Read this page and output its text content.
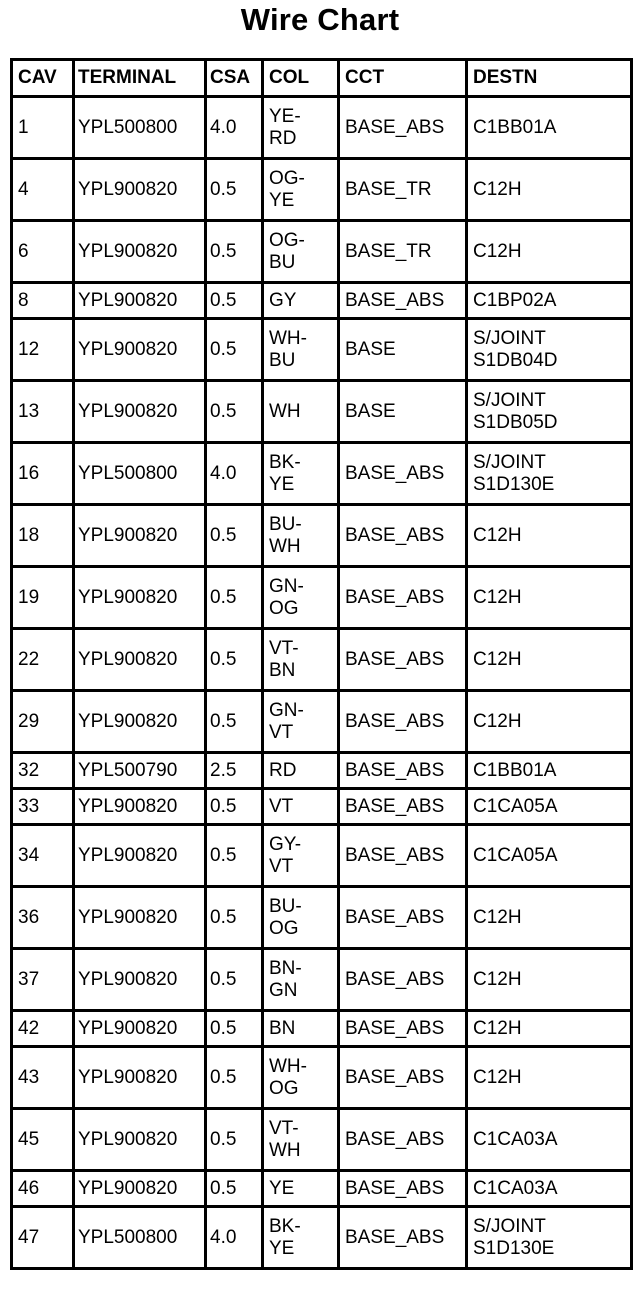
Wire Chart
CAV	TERMINAL	CSA	COL	CCT	DESTN

1	YPL500800	4.0	YE-
RD	BASE_ABS	C1BB01A

4	YPL900820	0.5	OG-
YE	BASE_TR	C12H

6	YPL900820	0.5	OG-
BU	BASE_TR	C12H

8	YPL900820	0.5	GY	BASE_ABS	C1BP02A

12	YPL900820	0.5	WH-
BU	BASE	S/JOINT
S1DB04D

13	YPL900820	0.5	WH	BASE	S/JOINT
S1DB05D

16	YPL500800	4.0	BK-
YE	BASE_ABS	S/JOINT
S1D130E

18	YPL900820	0.5	BU-
WH	BASE_ABS	C12H

19	YPL900820	0.5	GN-
OG	BASE_ABS	C12H

22	YPL900820	0.5	VT-
BN	BASE_ABS	C12H

29	YPL900820	0.5	GN-
VT	BASE_ABS	C12H

32	YPL500790	2.5	RD	BASE_ABS	C1BB01A

33	YPL900820	0.5	VT	BASE_ABS	C1CA05A

34	YPL900820	0.5	GY-
VT	BASE_ABS	C1CA05A

36	YPL900820	0.5	BU-
OG	BASE_ABS	C12H

37	YPL900820	0.5	BN-
GN	BASE_ABS	C12H

42	YPL900820	0.5	BN	BASE_ABS	C12H

43	YPL900820	0.5	WH-
OG	BASE_ABS	C12H

45	YPL900820	0.5	VT-
WH	BASE_ABS	C1CA03A

46	YPL900820	0.5	YE	BASE_ABS	C1CA03A

47	YPL500800	4.0	BK-
YE	BASE_ABS	S/JOINT
S1D130E
